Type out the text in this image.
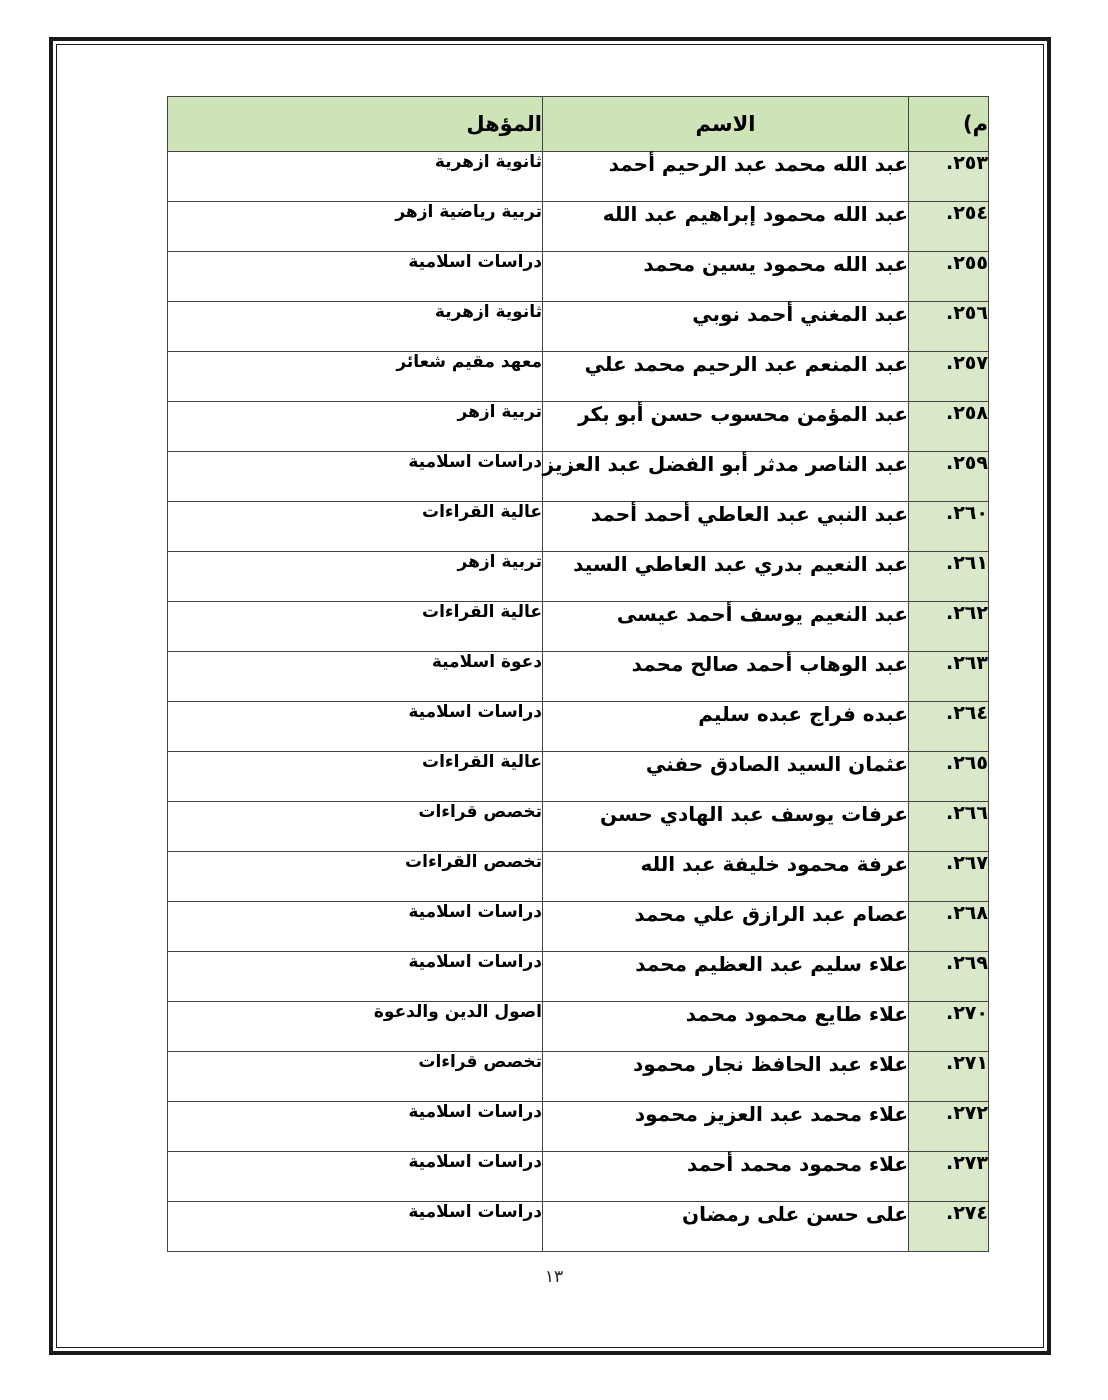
م)	الاسم	المؤهل
٢٥٣.	عبد الله محمد عبد الرحيم أحمد	ثانوية ازهرية
٢٥٤.	عبد الله محمود إبراهيم عبد الله	تربية رياضية ازهر
٢٥٥.	عبد الله محمود يسين محمد	دراسات اسلامية
٢٥٦.	عبد المغني أحمد نوبي	ثانوية ازهرية
٢٥٧.	عبد المنعم عبد الرحيم محمد علي	معهد مقيم شعائر
٢٥٨.	عبد المؤمن محسوب حسن أبو بكر	تربية ازهر
٢٥٩.	عبد الناصر مدثر أبو الفضل عبد العزيز	دراسات اسلامية
٢٦٠.	عبد النبي عبد العاطي أحمد أحمد	عالية القراءات
٢٦١.	عبد النعيم بدري عبد العاطي السيد	تربية ازهر
٢٦٢.	عبد النعيم يوسف أحمد عيسى	عالية القراءات
٢٦٣.	عبد الوهاب أحمد صالح محمد	دعوة اسلامية
٢٦٤.	عبده فراج عبده سليم	دراسات اسلامية
٢٦٥.	عثمان السيد الصادق حفني	عالية القراءات
٢٦٦.	عرفات يوسف عبد الهادي حسن	تخصص قراءات
٢٦٧.	عرفة محمود خليفة عبد الله	تخصص القراءات
٢٦٨.	عصام عبد الرازق علي محمد	دراسات اسلامية
٢٦٩.	علاء سليم عبد العظيم محمد	دراسات اسلامية
٢٧٠.	علاء طايع محمود محمد	اصول الدين والدعوة
٢٧١.	علاء عبد الحافظ نجار محمود	تخصص قراءات
٢٧٢.	علاء محمد عبد العزيز محمود	دراسات اسلامية
٢٧٣.	علاء محمود محمد أحمد	دراسات اسلامية
٢٧٤.	على حسن على رمضان	دراسات اسلامية
١٣
